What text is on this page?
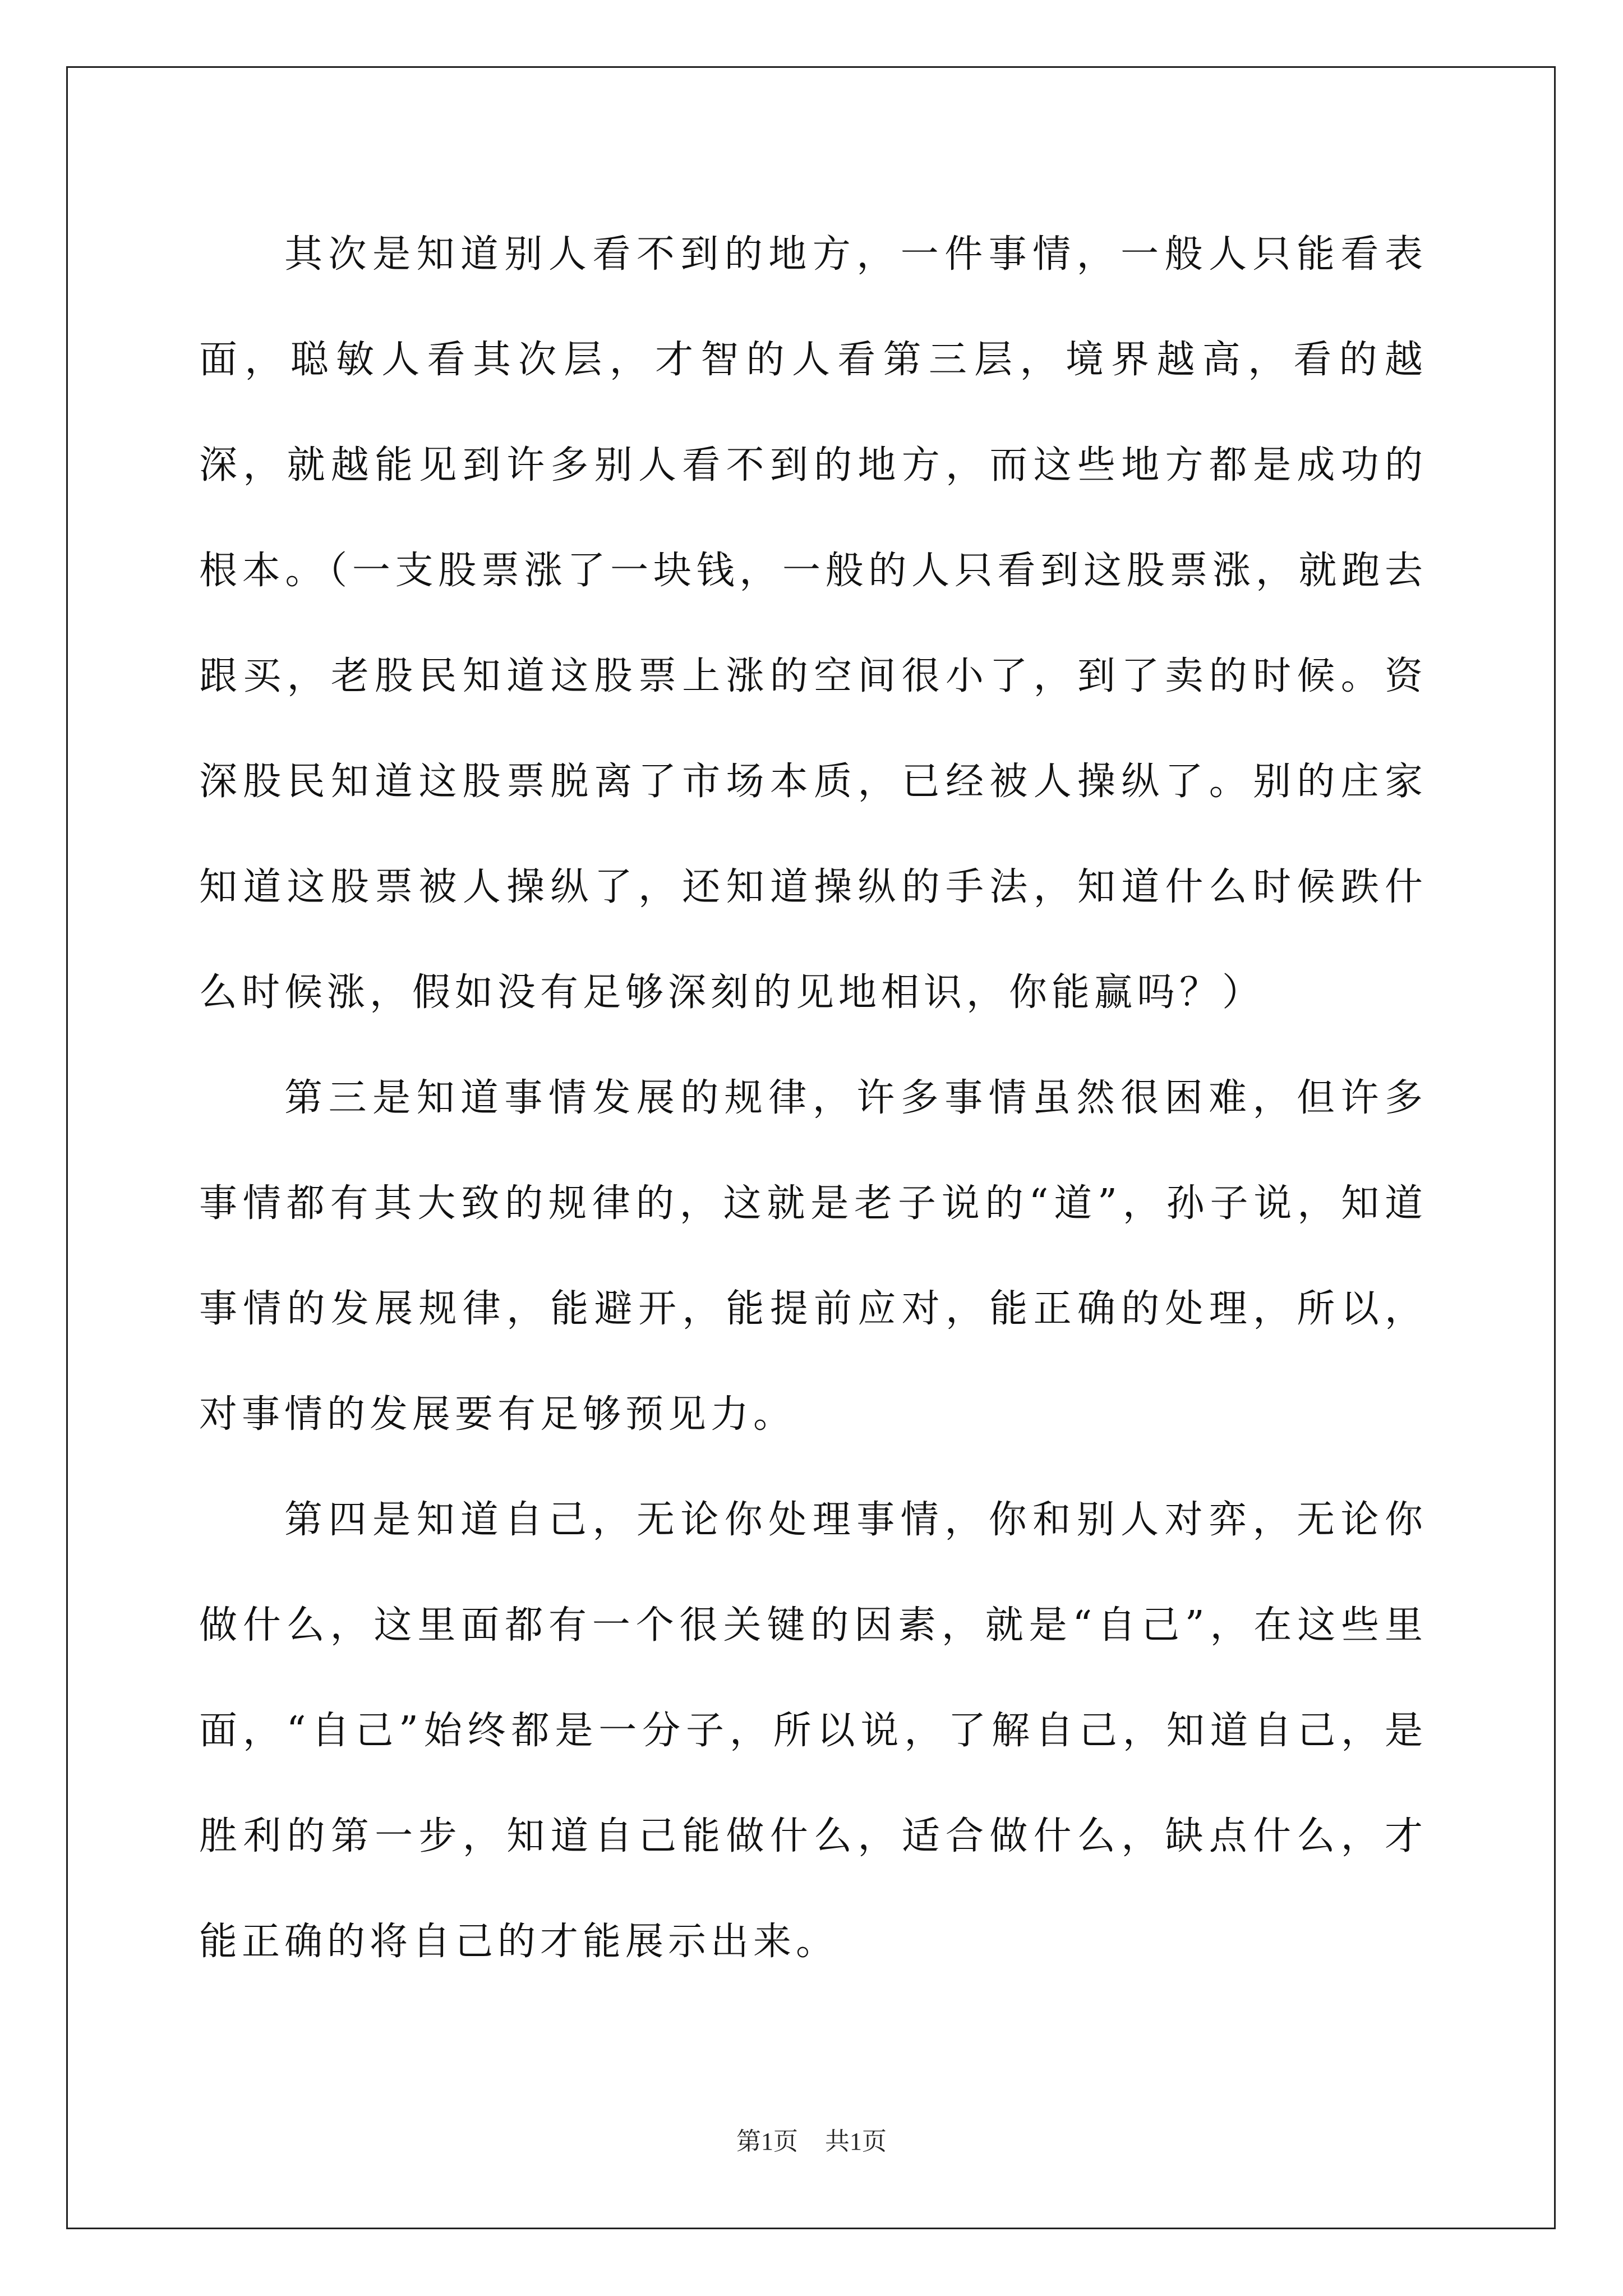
其次是知道别人看不到的地方，一件事情，一般人只能看表面，聪敏人看其次层，才智的人看第三层，境界越高，看的越深，就越能见到许多别人看不到的地方，而这些地方都是成功的根本。（一支股票涨了一块钱，一般的人只看到这股票涨，就跑去跟买，老股民知道这股票上涨的空间很小了，到了卖的时候。资深股民知道这股票脱离了市场本质，已经被人操纵了。别的庄家知道这股票被人操纵了，还知道操纵的手法，知道什么时候跌什么时候涨，假如没有足够深刻的见地相识，你能赢吗？）

第三是知道事情发展的规律，许多事情虽然很困难，但许多事情都有其大致的规律的，这就是老子说的“道”，孙子说，知道事情的发展规律，能避开，能提前应对，能正确的处理，所以，对事情的发展要有足够预见力。

第四是知道自己，无论你处理事情，你和别人对弈，无论你做什么，这里面都有一个很关键的因素，就是“自己”，在这些里面，“自己”始终都是一分子，所以说，了解自己，知道自己，是胜利的第一步，知道自己能做什么，适合做什么，缺点什么，才能正确的将自己的才能展示出来。

第1页 共1页
